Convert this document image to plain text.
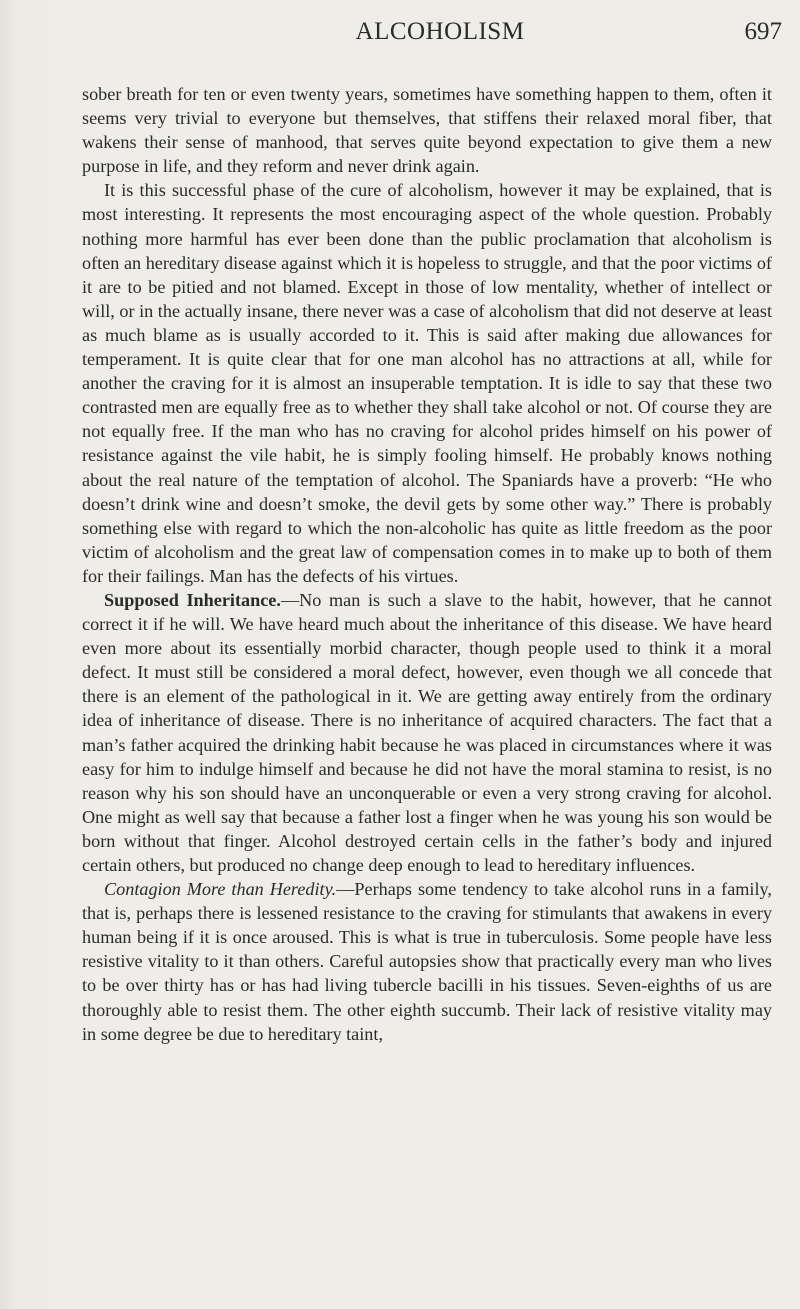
ALCOHOLISM	697

sober breath for ten or even twenty years, sometimes have something happen to them, often it seems very trivial to everyone but themselves, that stiffens their relaxed moral fiber, that wakens their sense of manhood, that serves quite beyond expectation to give them a new purpose in life, and they reform and never drink again.

It is this successful phase of the cure of alcoholism, however it may be explained, that is most interesting. It represents the most encouraging aspect of the whole question. Probably nothing more harmful has ever been done than the public proclamation that alcoholism is often an hereditary disease against which it is hopeless to struggle, and that the poor victims of it are to be pitied and not blamed. Except in those of low mentality, whether of intellect or will, or in the actually insane, there never was a case of alcoholism that did not deserve at least as much blame as is usually accorded to it. This is said after making due allowances for temperament. It is quite clear that for one man alcohol has no attractions at all, while for another the craving for it is almost an insuperable temptation. It is idle to say that these two contrasted men are equally free as to whether they shall take alcohol or not. Of course they are not equally free. If the man who has no craving for alcohol prides himself on his power of resistance against the vile habit, he is simply fooling himself. He probably knows nothing about the real nature of the temptation of alcohol. The Spaniards have a proverb: “He who doesn’t drink wine and doesn’t smoke, the devil gets by some other way.” There is probably something else with regard to which the non-alcoholic has quite as little freedom as the poor victim of alcoholism and the great law of compensation comes in to make up to both of them for their failings. Man has the defects of his virtues.

Supposed Inheritance.—No man is such a slave to the habit, however, that he cannot correct it if he will. We have heard much about the inheritance of this disease. We have heard even more about its essentially morbid character, though people used to think it a moral defect. It must still be considered a moral defect, however, even though we all concede that there is an element of the pathological in it. We are getting away entirely from the ordinary idea of inheritance of disease. There is no inheritance of acquired characters. The fact that a man’s father acquired the drinking habit because he was placed in circumstances where it was easy for him to indulge himself and because he did not have the moral stamina to resist, is no reason why his son should have an unconquerable or even a very strong craving for alcohol. One might as well say that because a father lost a finger when he was young his son would be born without that finger. Alcohol destroyed certain cells in the father’s body and injured certain others, but produced no change deep enough to lead to hereditary influences.

Contagion More than Heredity.—Perhaps some tendency to take alcohol runs in a family, that is, perhaps there is lessened resistance to the craving for stimulants that awakens in every human being if it is once aroused. This is what is true in tuberculosis. Some people have less resistive vitality to it than others. Careful autopsies show that practically every man who lives to be over thirty has or has had living tubercle bacilli in his tissues. Seven-eighths of us are thoroughly able to resist them. The other eighth succumb. Their lack of resistive vitality may in some degree be due to hereditary taint,
